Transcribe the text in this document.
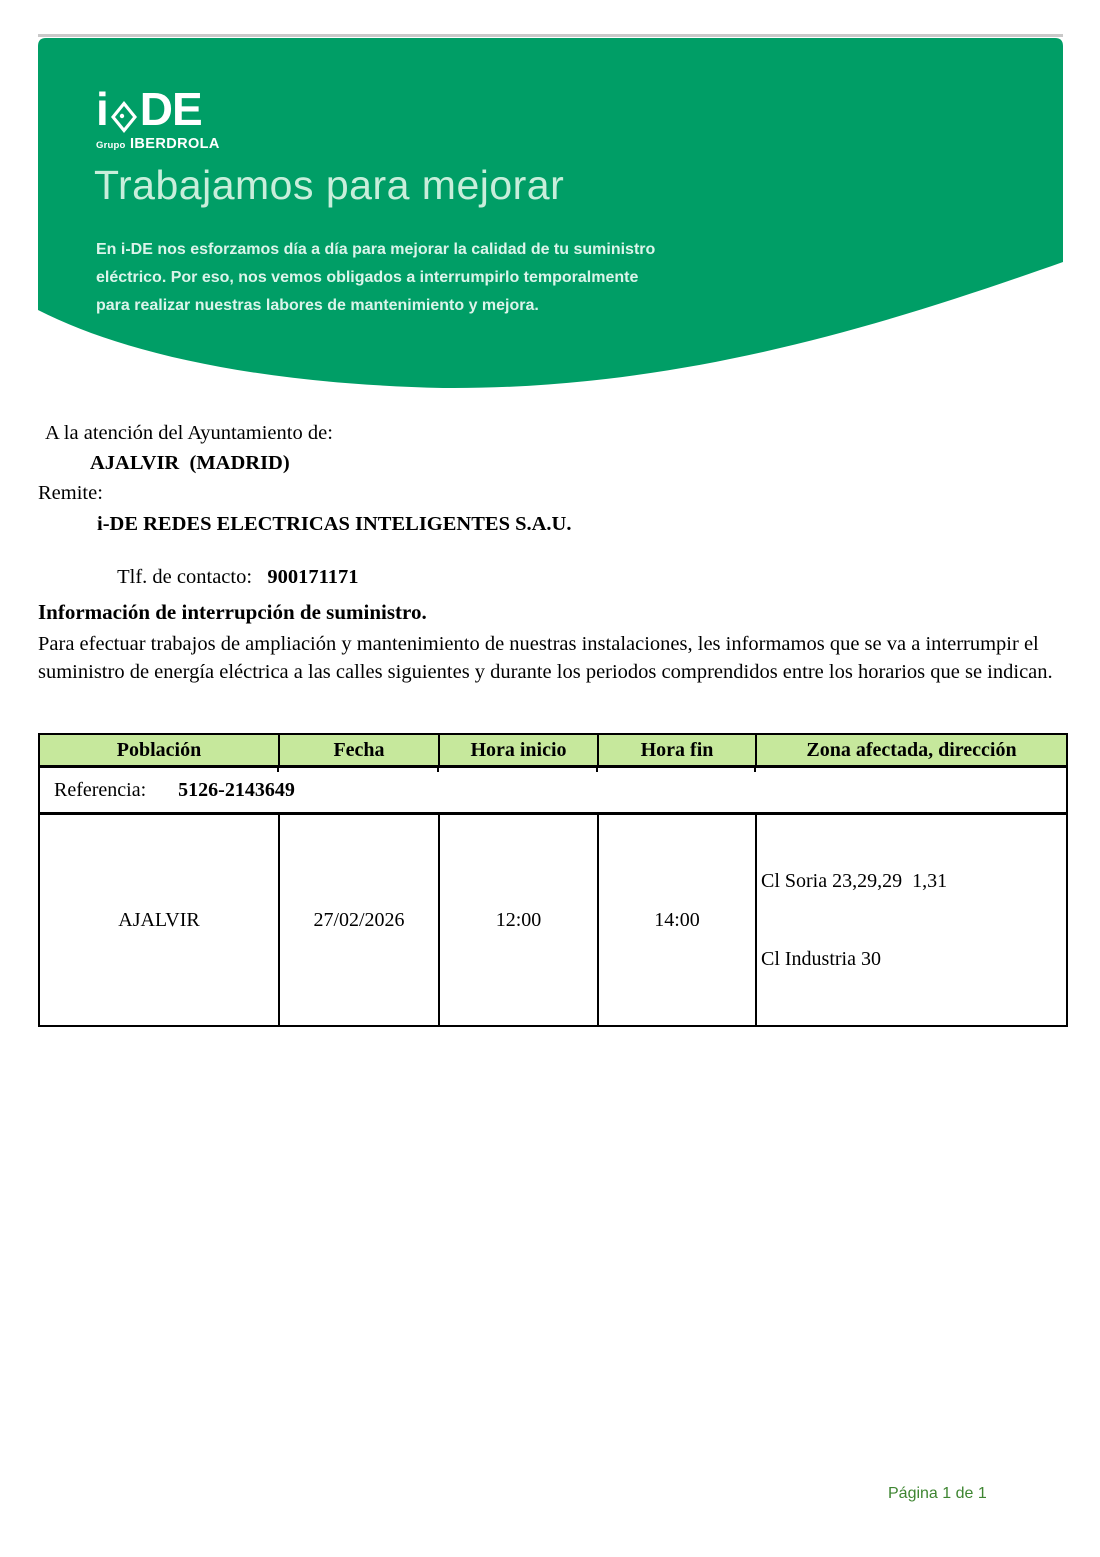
i DE
Grupo IBERDROLA
Trabajamos para mejorar
En i-DE nos esforzamos día a día para mejorar la calidad de tu suministro
eléctrico. Por eso, nos vemos obligados a interrumpirlo temporalmente
para realizar nuestras labores de mantenimiento y mejora.
A la atención del Ayuntamiento de:
AJALVIR  (MADRID)
Remite:
i-DE REDES ELECTRICAS INTELIGENTES S.A.U.

Tlf. de contacto: 900171171

Información de interrupción de suministro.
Para efectuar trabajos de ampliación y mantenimiento de nuestras instalaciones, les informamos que se va a interrumpir el suministro de energía eléctrica a las calles siguientes y durante los periodos comprendidos entre los horarios que se indican.
Población	Fecha	Hora inicio	Hora fin	Zona afectada, dirección
Referencia: 5126-2143649				
AJALVIR	27/02/2026	12:00	14:00	Cl Soria 23,29,29  1,31

Cl Industria 30

Página 1 de 1
